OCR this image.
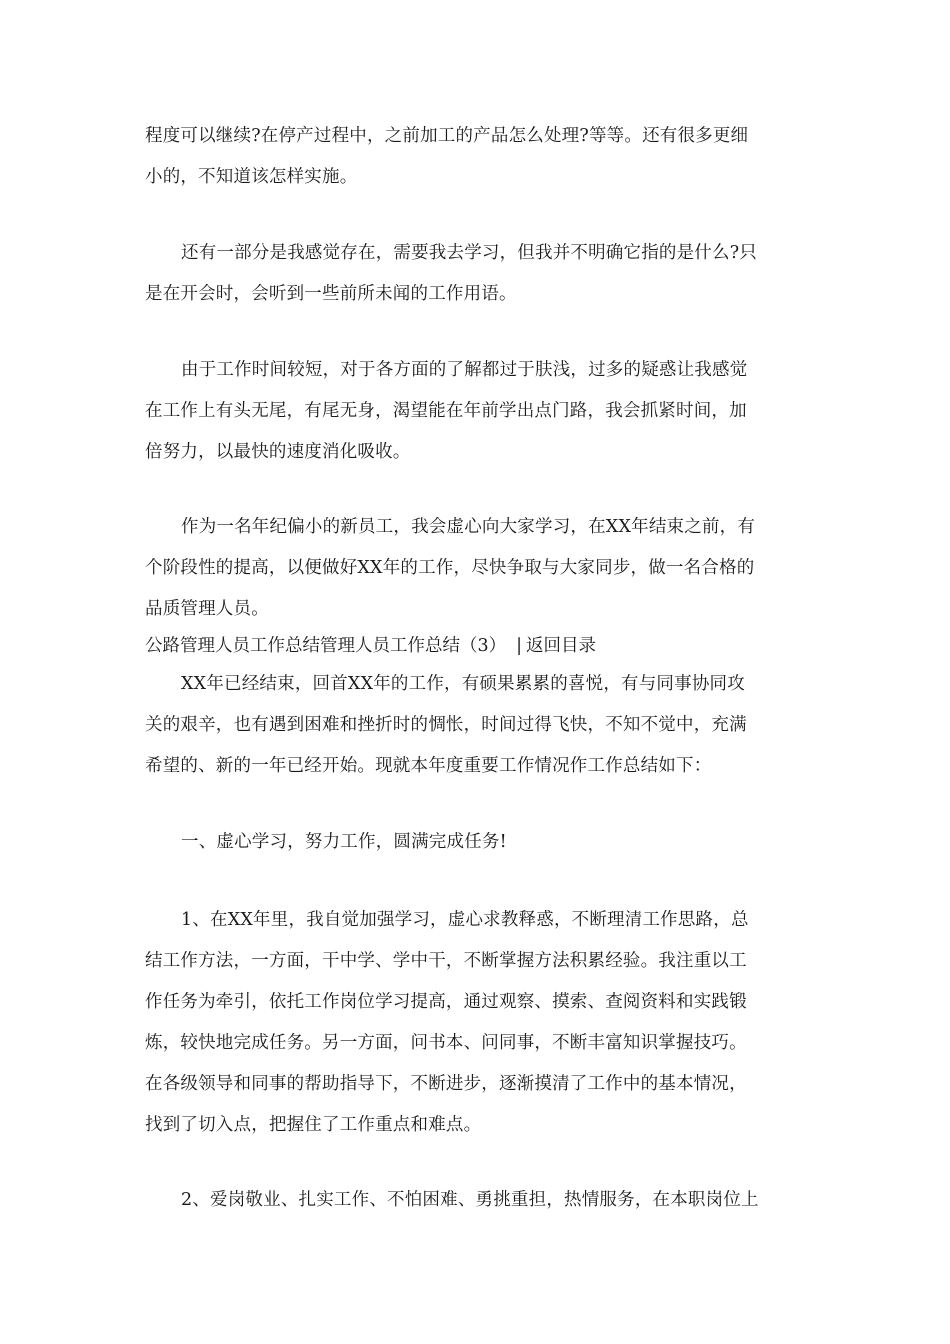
程度可以继续?在停产过程中，之前加工的产品怎么处理?等等。还有很多更细
小的，不知道该怎样实施。
还有一部分是我感觉存在，需要我去学习，但我并不明确它指的是什么?只
是在开会时，会听到一些前所未闻的工作用语。
由于工作时间较短，对于各方面的了解都过于肤浅，过多的疑惑让我感觉
在工作上有头无尾，有尾无身，渴望能在年前学出点门路，我会抓紧时间，加
倍努力，以最快的速度消化吸收。
作为一名年纪偏小的新员工，我会虚心向大家学习，在XX年结束之前，有
个阶段性的提高，以便做好XX年的工作，尽快争取与大家同步，做一名合格的
品质管理人员。
公路管理人员工作总结管理人员工作总结（3） | 返回目录
XX年已经结束，回首XX年的工作，有硕果累累的喜悦，有与同事协同攻
关的艰辛，也有遇到困难和挫折时的惆怅，时间过得飞快，不知不觉中，充满
希望的、新的一年已经开始。现就本年度重要工作情况作工作总结如下：
一、虚心学习，努力工作，圆满完成任务!
1、在XX年里，我自觉加强学习，虚心求教释惑，不断理清工作思路，总
结工作方法，一方面，干中学、学中干，不断掌握方法积累经验。我注重以工
作任务为牵引，依托工作岗位学习提高，通过观察、摸索、查阅资料和实践锻
炼，较快地完成任务。另一方面，问书本、问同事，不断丰富知识掌握技巧。
在各级领导和同事的帮助指导下，不断进步，逐渐摸清了工作中的基本情况，
找到了切入点，把握住了工作重点和难点。
2、爱岗敬业、扎实工作、不怕困难、勇挑重担，热情服务，在本职岗位上
